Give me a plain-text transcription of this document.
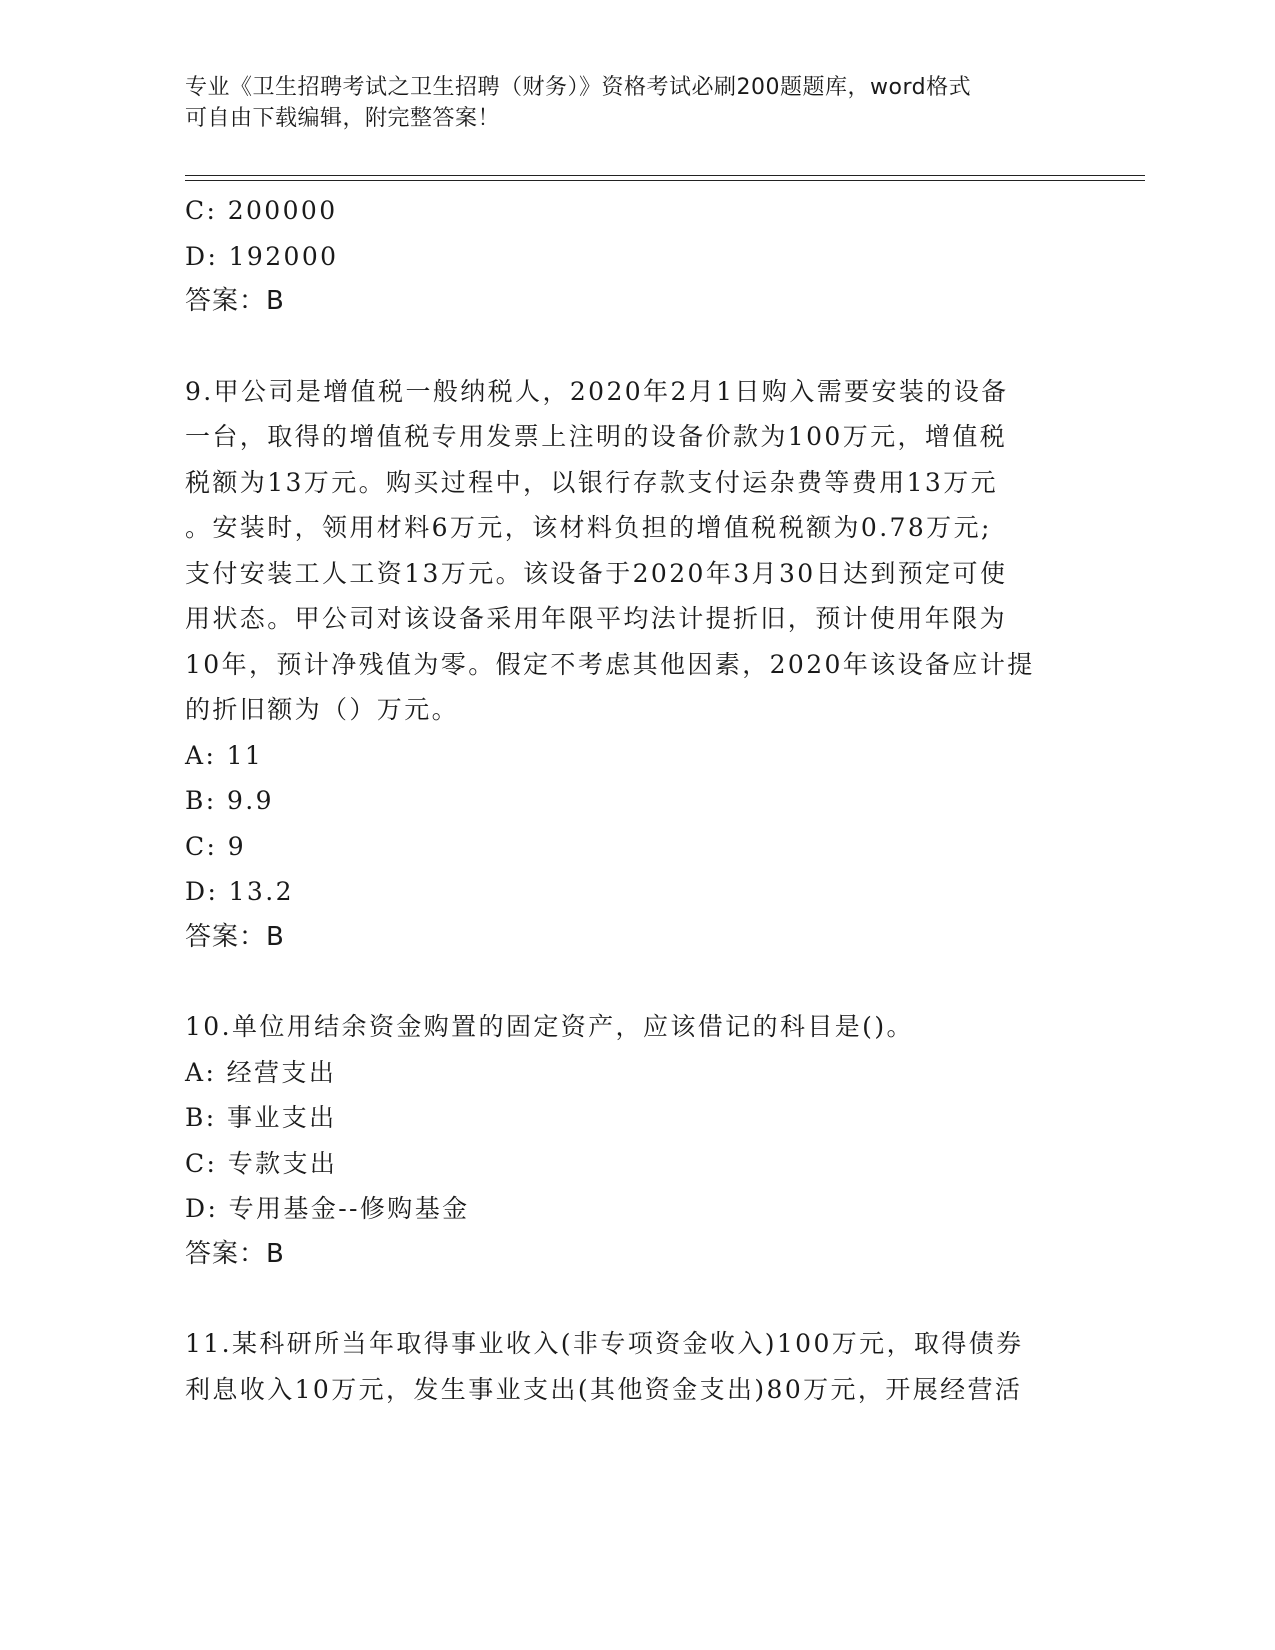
专业《卫生招聘考试之卫生招聘（财务）》资格考试必刷200题题库，word格式
可自由下载编辑，附完整答案！
C: 200000
D: 192000
答案：B
9.甲公司是增值税一般纳税人，2020年2月1日购入需要安装的设备
一台，取得的增值税专用发票上注明的设备价款为100万元，增值税
税额为13万元。购买过程中，以银行存款支付运杂费等费用13万元
。安装时，领用材料6万元，该材料负担的增值税税额为0.78万元;
支付安装工人工资13万元。该设备于2020年3月30日达到预定可使
用状态。甲公司对该设备采用年限平均法计提折旧，预计使用年限为
10年，预计净残值为零。假定不考虑其他因素，2020年该设备应计提
的折旧额为（）万元。
A: 11
B: 9.9
C: 9
D: 13.2
答案：B
10.单位用结余资金购置的固定资产，应该借记的科目是()。
A: 经营支出
B: 事业支出
C: 专款支出
D: 专用基金--修购基金
答案：B
11.某科研所当年取得事业收入(非专项资金收入)100万元，取得债券
利息收入10万元，发生事业支出(其他资金支出)80万元，开展经营活
